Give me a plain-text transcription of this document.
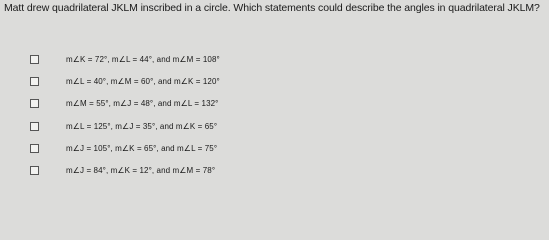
Matt drew quadrilateral JKLM inscribed in a circle. Which statements could describe the angles in quadrilateral JKLM?
m∠K = 72°, m∠L = 44°, and m∠M = 108°
m∠L = 40°, m∠M = 60°, and m∠K = 120°
m∠M = 55°, m∠J = 48°, and m∠L = 132°
m∠L = 125°, m∠J = 35°, and m∠K = 65°
m∠J = 105°, m∠K = 65°, and m∠L = 75°
m∠J = 84°, m∠K = 12°, and m∠M = 78°
